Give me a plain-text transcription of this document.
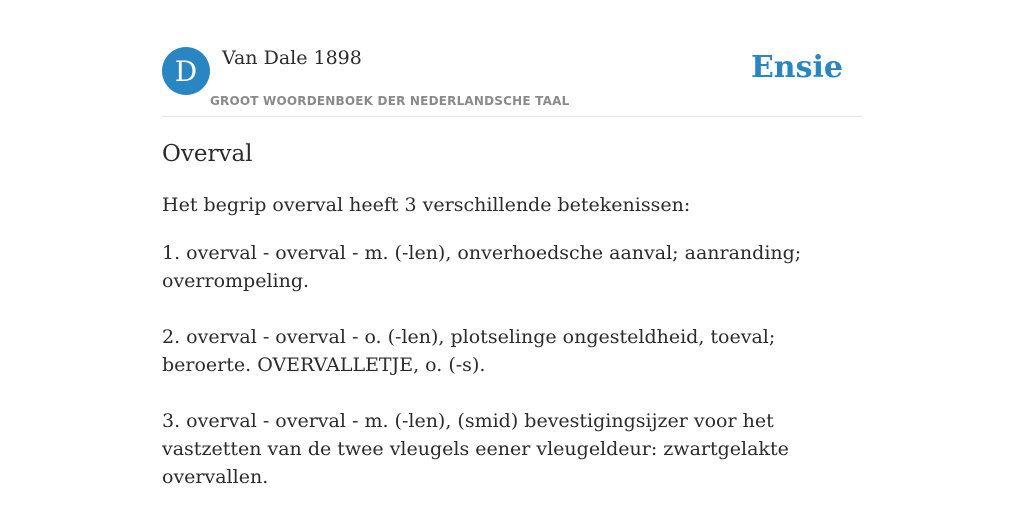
D	Van Dale 1898
GROOT WOORDENBOEK DER NEDERLANDSCHE TAAL
Ensie
Overval
Het begrip overval heeft 3 verschillende betekenissen:
1. overval - overval - m. (-len), onverhoedsche aanval; aanranding; overrompeling.
2. overval - overval - o. (-len), plotselinge ongesteldheid, toeval; beroerte. OVERVALLETJE, o. (-s).
3. overval - overval - m. (-len), (smid) bevestigingsijzer voor het vastzetten van de twee vleugels eener vleugeldeur: zwartgelakte overvallen.
